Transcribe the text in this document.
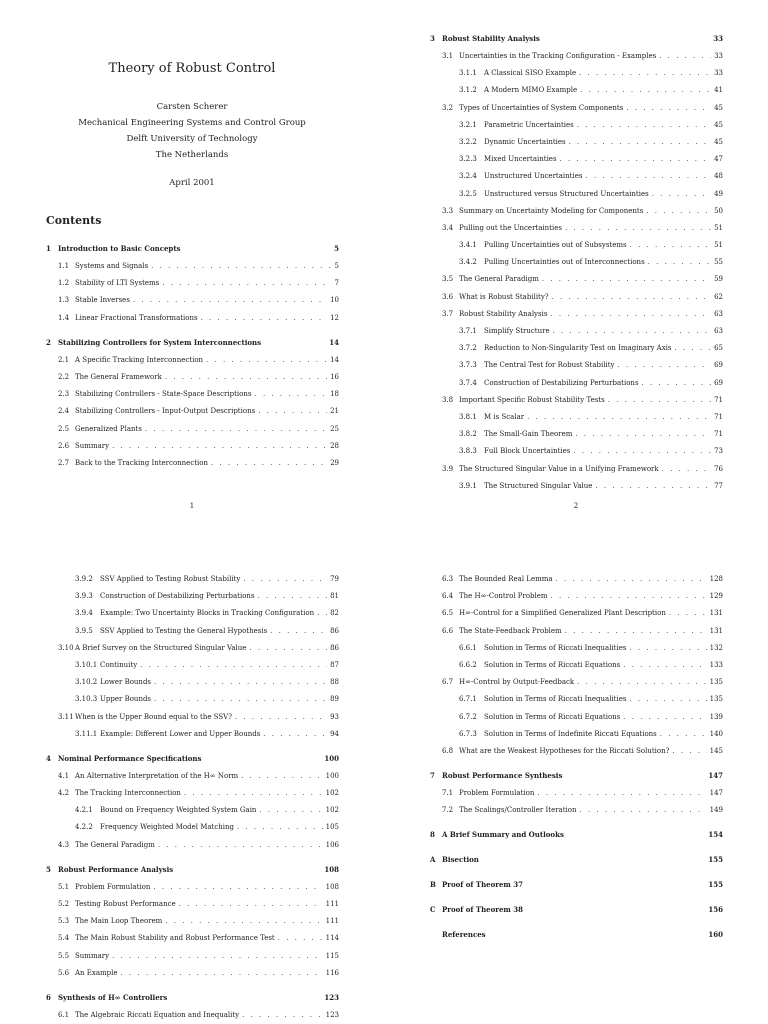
Theory of Robust Control
Carsten Scherer
Mechanical Engineering Systems and Control Group
Delft University of Technology
The Netherlands
April 2001
Contents
1	Introduction to Basic Concepts	5
1.1 Systems and Signals . . .	5
1.2 Stability of LTI Systems . . .	7
1.3 Stable Inverses . . .	10
1.4 Linear Fractional Transformations . . .	12
2	Stabilizing Controllers for System Interconnections	14
2.1 A Specific Tracking Interconnection . . .	14
2.2 The General Framework . . .	16
2.3 Stabilizing Controllers - State-Space Descriptions . . .	18
2.4 Stabilizing Controllers - Input-Output Descriptions . . .	21
2.5 Generalized Plants . . .	25
2.6 Summary . . .	28
2.7 Back to the Tracking Interconnection . . .	29
1
3	Robust Stability Analysis	33
3.1 Uncertainties in the Tracking Configuration - Examples . . .	33
3.1.1	A Classical SISO Example . . .	33
3.1.2	A Modern MIMO Example . . .	41
3.2 Types of Uncertainties of System Components . . .	45
3.2.1	Parametric Uncertainties . . .	45
3.2.2	Dynamic Uncertainties . . .	45
3.2.3	Mixed Uncertainties . . .	47
3.2.4	Unstructured Uncertainties . . .	48
3.2.5	Unstructured versus Structured Uncertainties . . .	49
3.3 Summary on Uncertainty Modeling for Components . . .	50
3.4 Pulling out the Uncertainties . . .	51
3.4.1	Pulling Uncertainties out of Subsystems . . .	51
3.4.2	Pulling Uncertainties out of Interconnections . . .	55
3.5 The General Paradigm . . .	59
3.6 What is Robust Stability? . . .	62
3.7 Robust Stability Analysis . . .	63
3.7.1	Simplify Structure . . .	63
3.7.2	Reduction to Non-Singularity Test on Imaginary Axis . . .	65
3.7.3	The Central Test for Robust Stability . . .	69
3.7.4	Construction of Destabilizing Perturbations . . .	69
3.8 Important Specific Robust Stability Tests . . .	71
3.8.1	M is Scalar . . .	71
3.8.2	The Small-Gain Theorem . . .	71
3.8.3	Full Block Uncertainties . . .	73
3.9 The Structured Singular Value in a Unifying Framework . . .	76
3.9.1	The Structured Singular Value . . .	77
2
3.9.2	SSV Applied to Testing Robust Stability . . .	79
3.9.3	Construction of Destabilizing Perturbations . . .	81
3.9.4	Example: Two Uncertainty Blocks in Tracking Configuration . . . 82
3.9.5	SSV Applied to Testing the General Hypothesis . . .	86
3.10 A Brief Survey on the Structured Singular Value . . .	86
3.10.1 Continuity . . .	87
3.10.2 Lower Bounds . . .	88
3.10.3 Upper Bounds . . .	89
3.11 When is the Upper Bound equal to the SSV? . . .	93
3.11.1 Example: Different Lower and Upper Bounds . . .	94
4	Nominal Performance Specifications	100
4.1 An Alternative Interpretation of the H∞ Norm . . .	100
4.2 The Tracking Interconnection . . .	102
4.2.1	Bound on Frequency Weighted System Gain . . .	102
4.2.2	Frequency Weighted Model Matching . . .	105
4.3 The General Paradigm . . .	106
5	Robust Performance Analysis	108
5.1 Problem Formulation . . .	108
5.2 Testing Robust Performance . . .	111
5.3 The Main Loop Theorem . . .	111
5.4 The Main Robust Stability and Robust Performance Test . . .	114
5.5 Summary . . .	115
5.6 An Example . . .	116
6	Synthesis of H∞ Controllers	123
6.1 The Algebraic Riccati Equation and Inequality . . .	123
6.3 The Bounded Real Lemma . . .	128
6.4 The H∞-Control Problem . . .	129
6.5 H∞-Control for a Simplified Generalized Plant Description . . .	131
6.6 The State-Feedback Problem . . .	131
6.6.1	Solution in Terms of Riccati Inequalities . . .	132
6.6.2	Solution in Terms of Riccati Equations . . .	133
6.7 H∞-Control by Output-Feedback . . .	135
6.7.1	Solution in Terms of Riccati Inequalities . . .	135
6.7.2	Solution in Terms of Riccati Equations . . .	139
6.7.3	Solution in Terms of Indefinite Riccati Equations . . .	140
6.8 What are the Weakest Hypotheses for the Riccati Solution? . . .	145
7	Robust Performance Synthesis	147
7.1 Problem Formulation . . .	147
7.2 The Scalings/Controller Iteration . . .	149
8	A Brief Summary and Outlooks	154
A Bisection	155
B Proof of Theorem 37	155
C Proof of Theorem 38	156
References	160
